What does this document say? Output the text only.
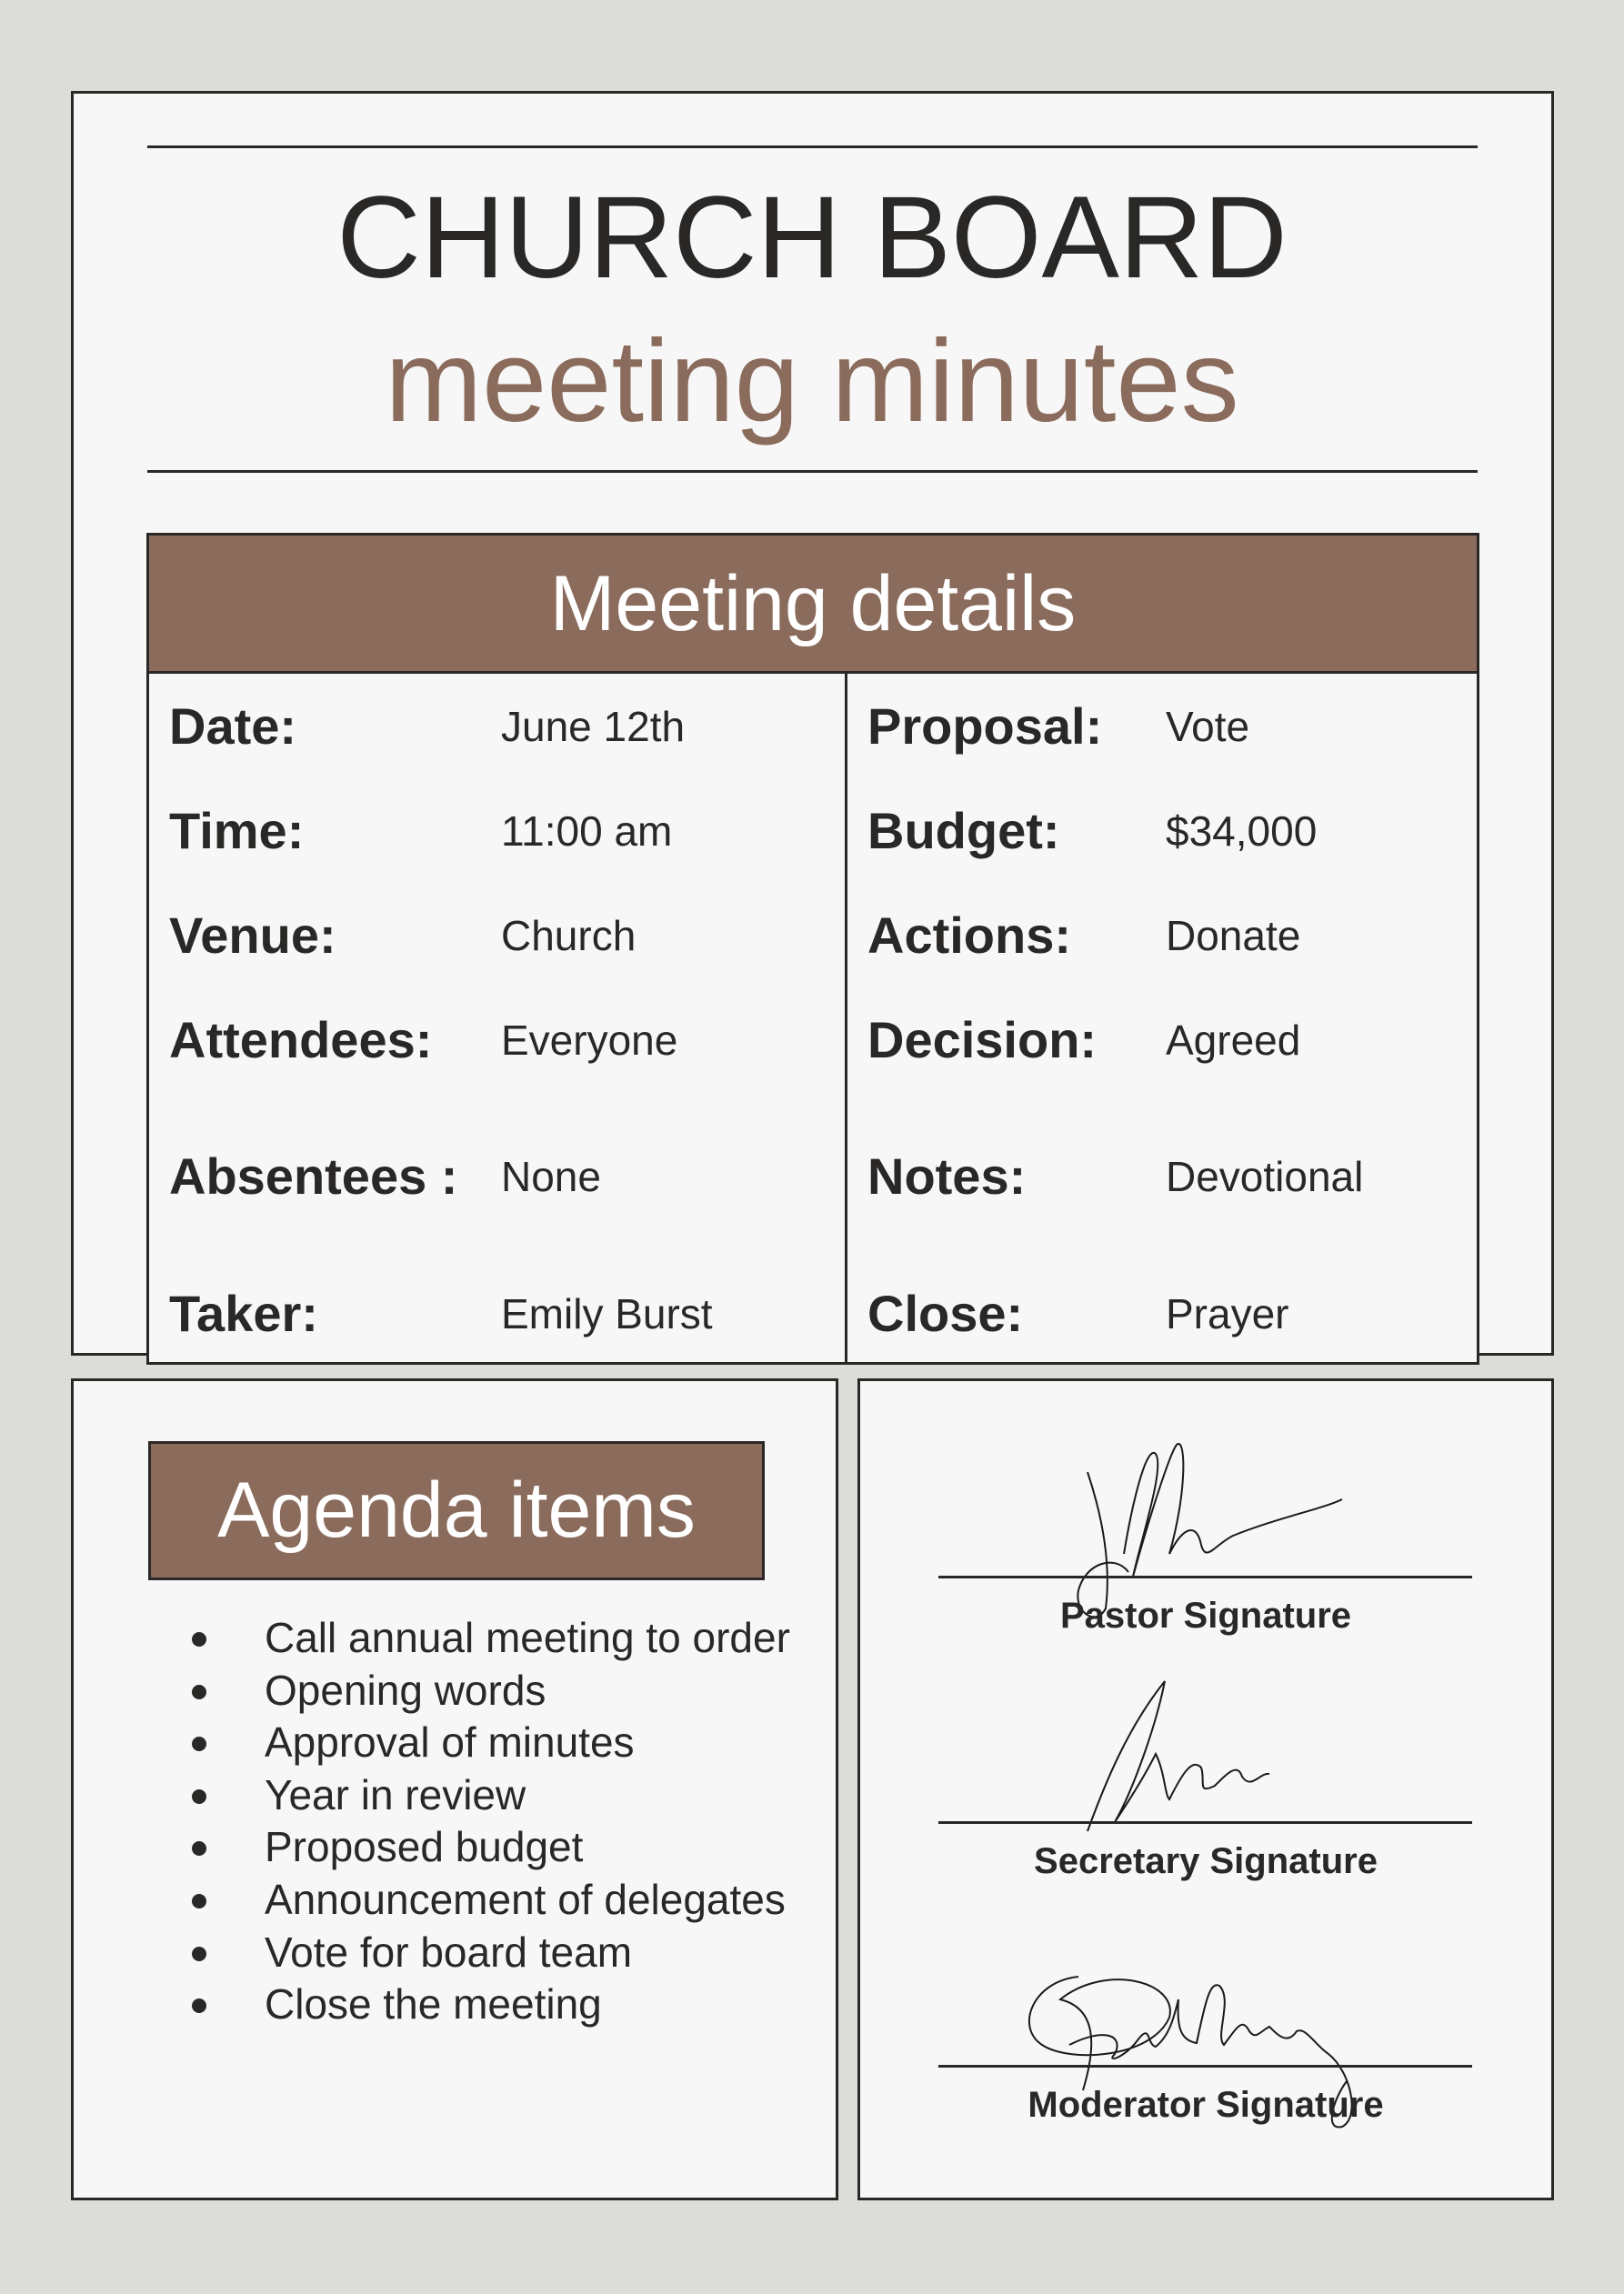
CHURCH BOARD
meeting minutes
Meeting details
Date:	June 12th
Time:	11:00 am
Venue:	Church
Attendees: Everyone
Absentees : None
Taker:	Emily Burst
Proposal: Vote
Budget:	$34,000
Actions: Donate
Decision: Agreed
Notes:	Devotional
Close:	Prayer
Agenda items
Call annual meeting to order
Opening words
Approval of minutes
Year in review
Proposed budget
Announcement of delegates
Vote for board team
Close the meeting
Pastor Signature
Secretary Signature
Moderator Signature
